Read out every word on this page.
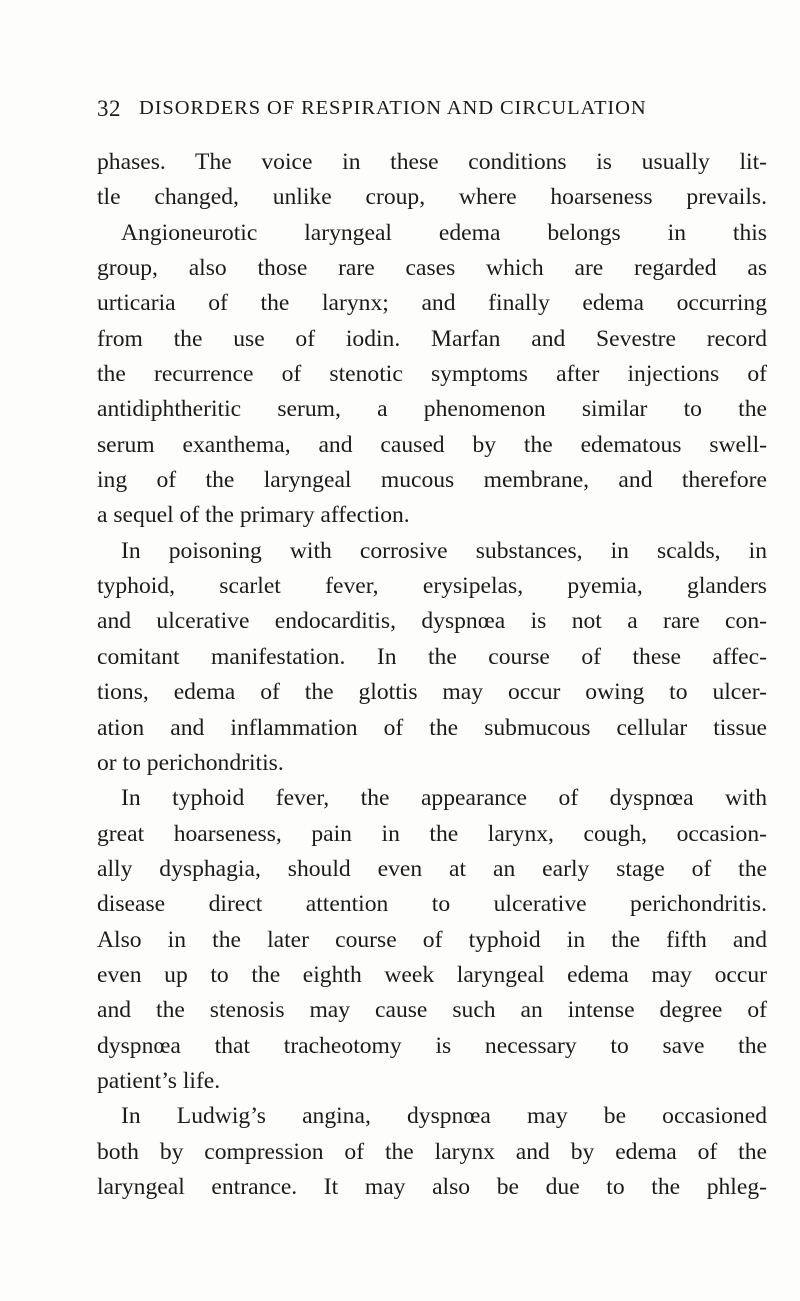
32 DISORDERS OF RESPIRATION AND CIRCULATION
phases. The voice in these conditions is usually lit-
tle changed, unlike croup, where hoarseness prevails.
Angioneurotic laryngeal edema belongs in this
group, also those rare cases which are regarded as
urticaria of the larynx; and finally edema occurring
from the use of iodin. Marfan and Sevestre record
the recurrence of stenotic symptoms after injections of
antidiphtheritic serum, a phenomenon similar to the
serum exanthema, and caused by the edematous swell-
ing of the laryngeal mucous membrane, and therefore
a sequel of the primary affection.
In poisoning with corrosive substances, in scalds, in
typhoid, scarlet fever, erysipelas, pyemia, glanders
and ulcerative endocarditis, dyspnœa is not a rare con-
comitant manifestation. In the course of these affec-
tions, edema of the glottis may occur owing to ulcer-
ation and inflammation of the submucous cellular tissue
or to perichondritis.
In typhoid fever, the appearance of dyspnœa with
great hoarseness, pain in the larynx, cough, occasion-
ally dysphagia, should even at an early stage of the
disease direct attention to ulcerative perichondritis.
Also in the later course of typhoid in the fifth and
even up to the eighth week laryngeal edema may occur
and the stenosis may cause such an intense degree of
dyspnœa that tracheotomy is necessary to save the
patient’s life.
In Ludwig’s angina, dyspnœa may be occasioned
both by compression of the larynx and by edema of the
laryngeal entrance. It may also be due to the phleg-
